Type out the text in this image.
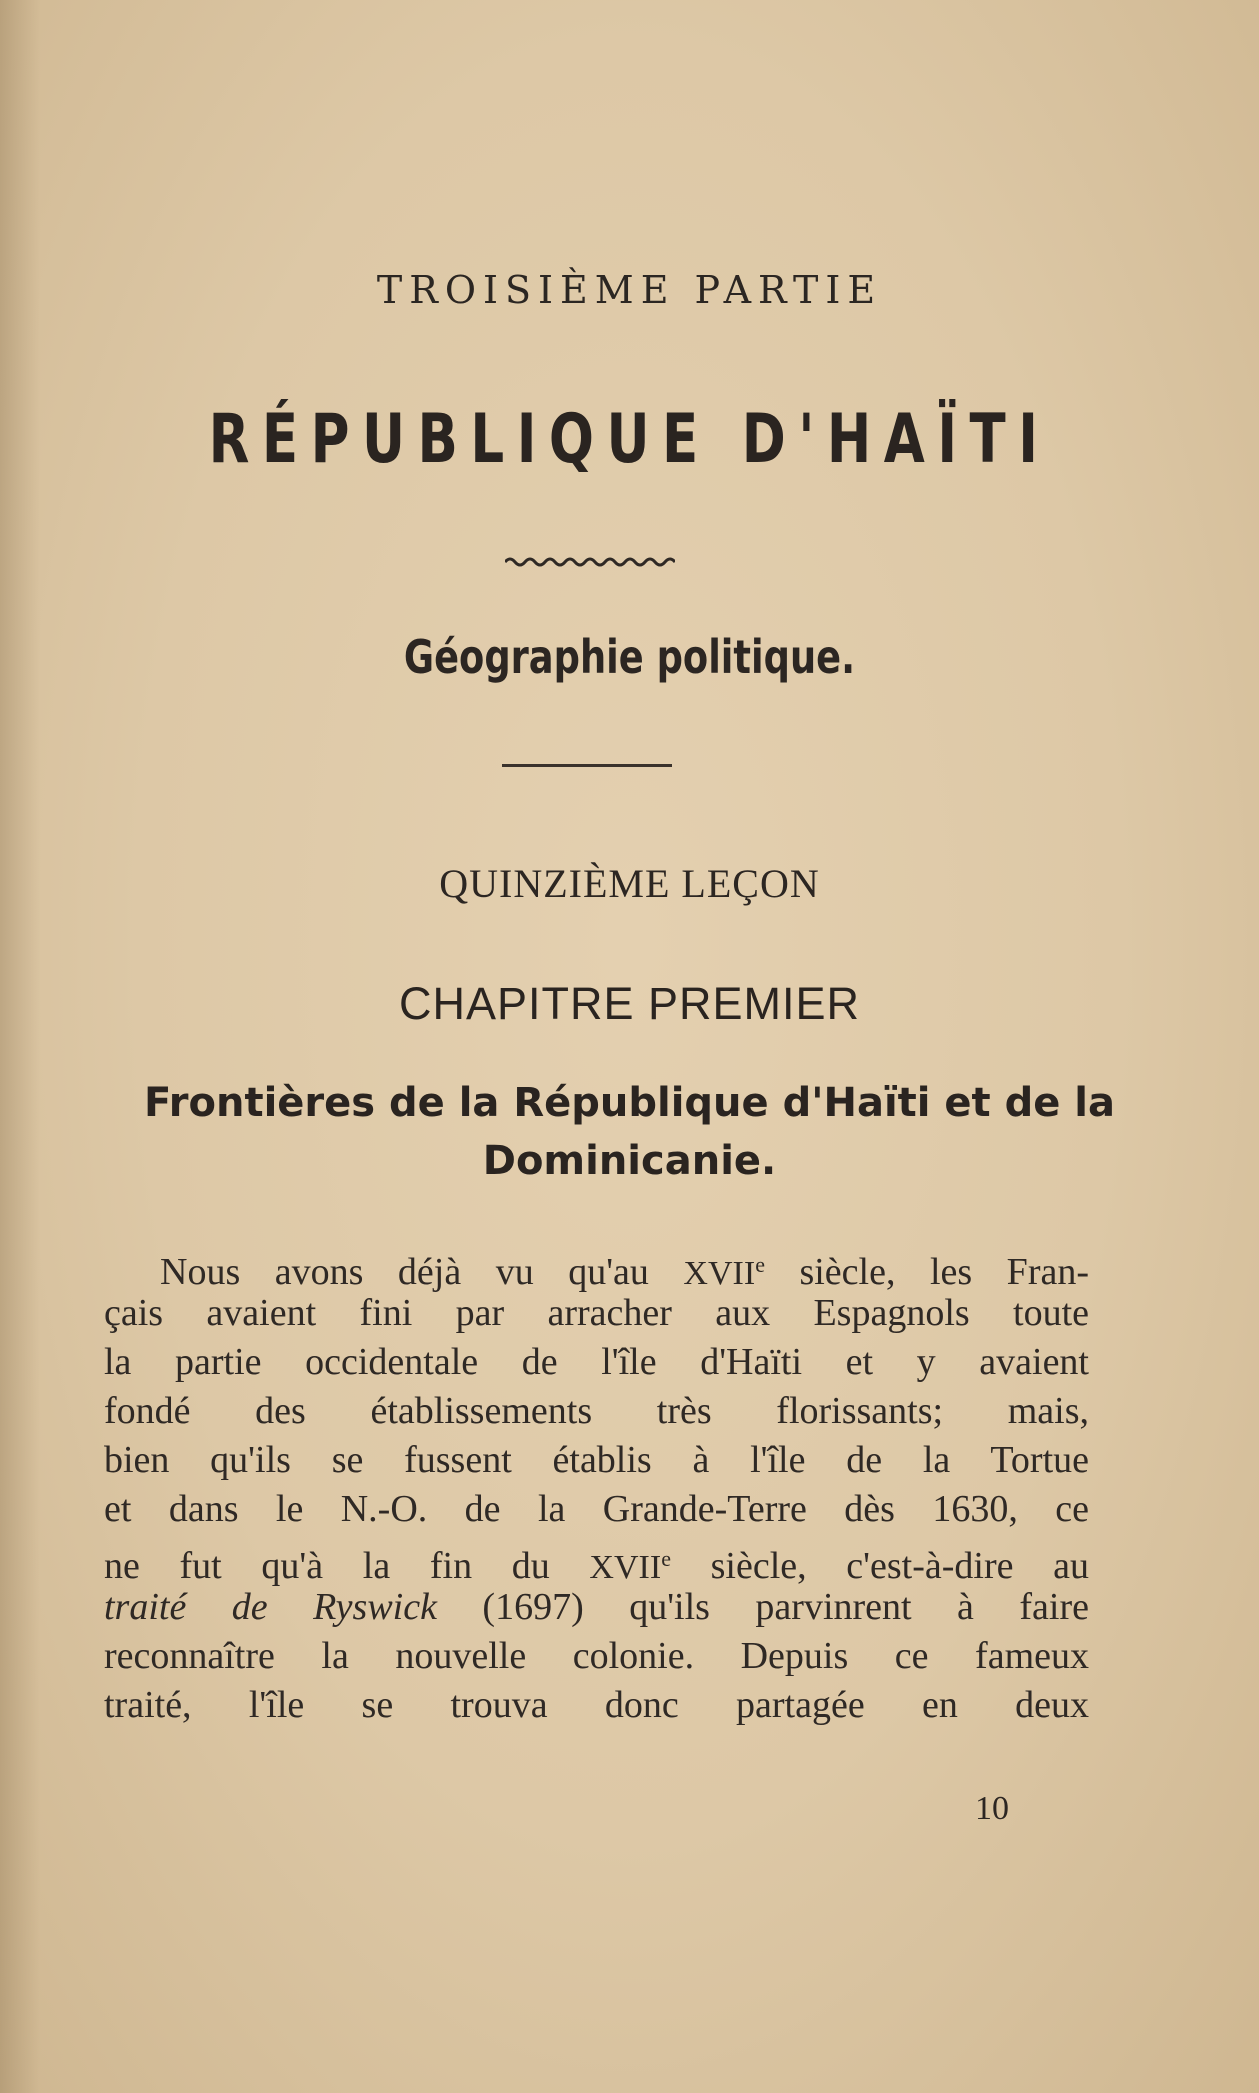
TROISIÈME PARTIE
RÉPUBLIQUE D'HAÏTI
Géographie politique.
QUINZIÈME LEÇON
CHAPITRE PREMIER
Frontières de la République d'Haïti et de la Dominicanie.
Nous avons déjà vu qu'au XVIIe siècle, les Fran-
çais avaient fini par arracher aux Espagnols toute
la partie occidentale de l'île d'Haïti et y avaient
fondé des établissements très florissants; mais,
bien qu'ils se fussent établis à l'île de la Tortue
et dans le N.-O. de la Grande-Terre dès 1630, ce
ne fut qu'à la fin du XVIIe siècle, c'est-à-dire au
traité de Ryswick (1697) qu'ils parvinrent à faire
reconnaître la nouvelle colonie. Depuis ce fameux
traité, l'île se trouva donc partagée en deux
10
